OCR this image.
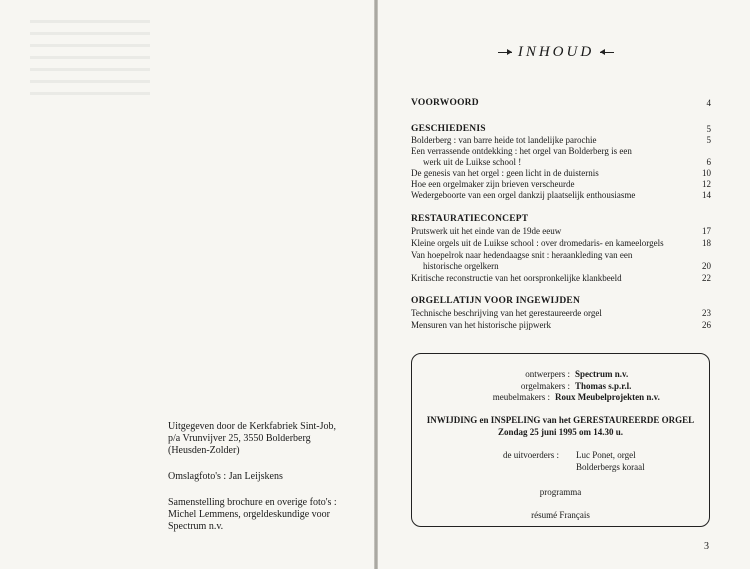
Uitgegeven door de Kerkfabriek Sint-Job, p/a Vrunvijver 25, 3550 Bolderberg (Heusden-Zolder)

Omslagfoto's : Jan Leijskens

Samenstelling brochure en overige foto's : Michel Lemmens, orgeldeskundige voor Spectrum n.v.

INHOUD
VOORWOORD	4
GESCHIEDENIS	5
Bolderberg : van barre heide tot landelijke parochie	5
Een verrassende ontdekking : het orgel van Bolderberg is een
werk uit de Luikse school !	6
De genesis van het orgel : geen licht in de duisternis	10
Hoe een orgelmaker zijn brieven verscheurde	12
Wedergeboorte van een orgel dankzij plaatselijk enthousiasme	14
RESTAURATIECONCEPT
Prutswerk uit het einde van de 19de eeuw	17
Kleine orgels uit de Luikse school : over dromedaris- en kameelorgels	18
Van hoepelrok naar hedendaagse snit : heraankleding van een
historische orgelkern	20
Kritische reconstructie van het oorspronkelijke klankbeeld	22
ORGELLATIJN VOOR INGEWIJDEN
Technische beschrijving van het gerestaureerde orgel	23
Mensuren van het historische pijpwerk	26
ontwerpers : Spectrum n.v.
orgelmakers : Thomas s.p.r.l.
meubelmakers : Roux Meubelprojekten n.v.
INWIJDING en INSPELING van het GERESTAUREERDE ORGEL
Zondag 25 juni 1995 om 14.30 u.
de uitvoerders : Luc Ponet, orgel
Bolderbergs koraal
programma
résumé Français
3
